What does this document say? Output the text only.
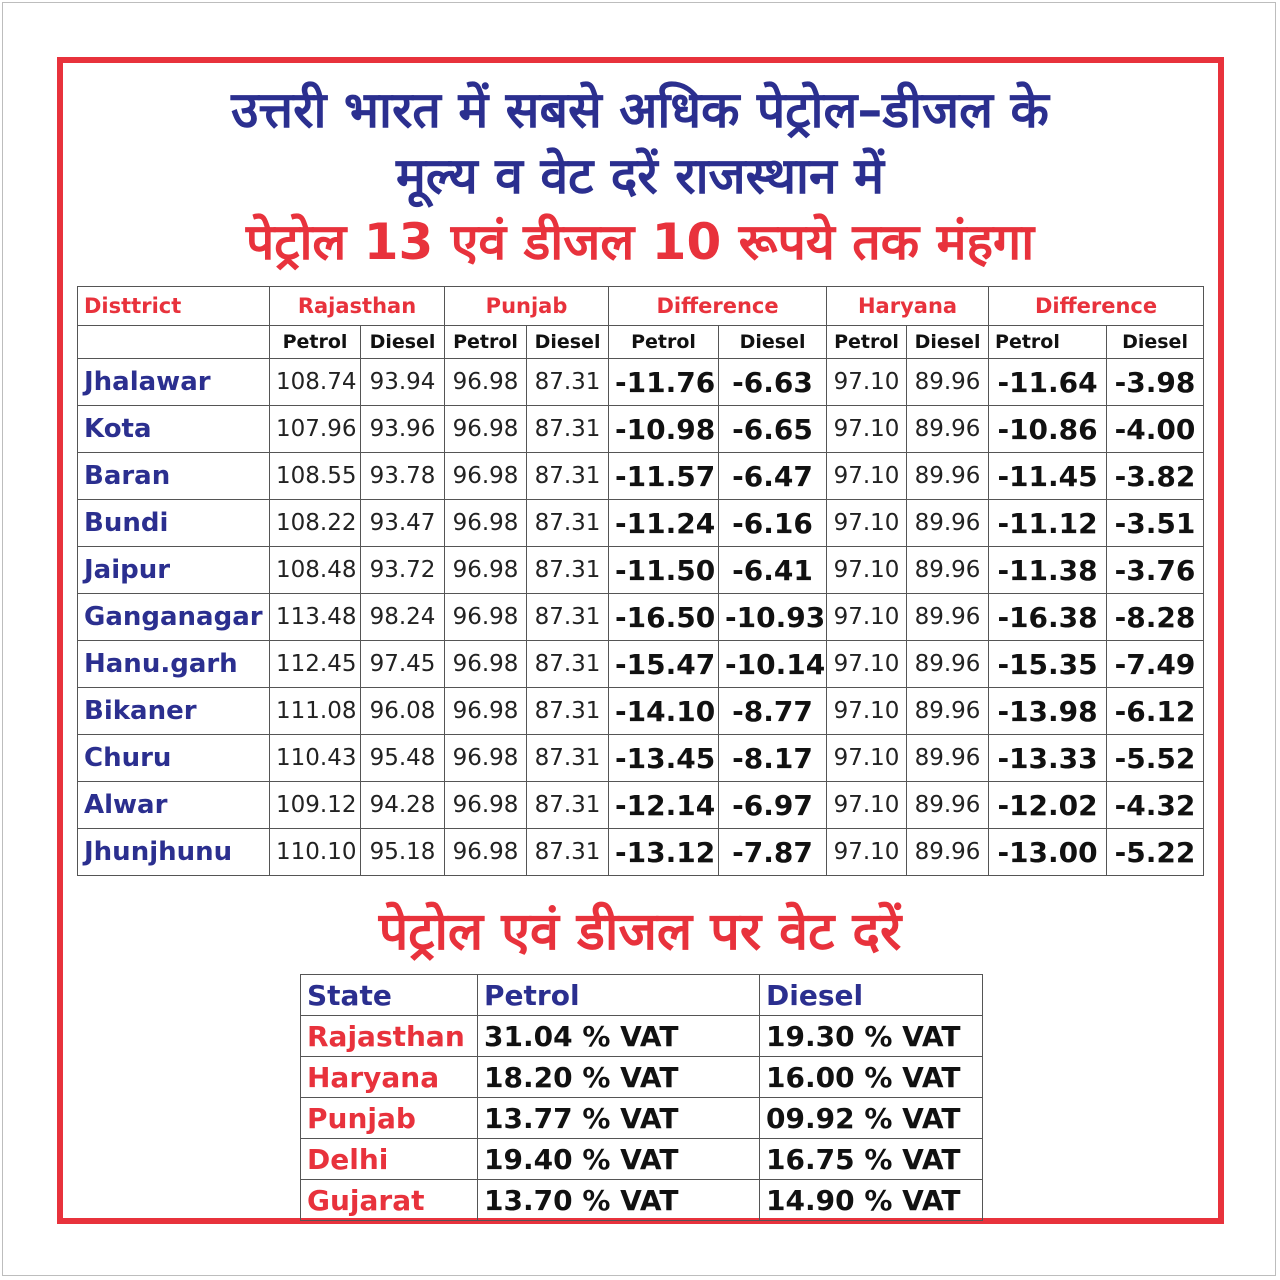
उत्तरी भारत में सबसे अधिक पेट्रोल–डीजल के
मूल्य व वेट दरें राजस्थान में
पेट्रोल 13 एवं डीजल 10 रूपये तक मंहगा
Disttrict	Rajasthan		Punjab		Difference		Haryana		Difference	
	Petrol	Diesel	Petrol	Diesel	Petrol	Diesel	Petrol	Diesel	Petrol	Diesel
Jhalawar	108.74	93.94	96.98	87.31	-11.76	-6.63	97.10	89.96	-11.64	-3.98
Kota	107.96	93.96	96.98	87.31	-10.98	-6.65	97.10	89.96	-10.86	-4.00
Baran	108.55	93.78	96.98	87.31	-11.57	-6.47	97.10	89.96	-11.45	-3.82
Bundi	108.22	93.47	96.98	87.31	-11.24	-6.16	97.10	89.96	-11.12	-3.51
Jaipur	108.48	93.72	96.98	87.31	-11.50	-6.41	97.10	89.96	-11.38	-3.76
Ganganagar	113.48	98.24	96.98	87.31	-16.50	-10.93	97.10	89.96	-16.38	-8.28
Hanu.garh	112.45	97.45	96.98	87.31	-15.47	-10.14	97.10	89.96	-15.35	-7.49
Bikaner	111.08	96.08	96.98	87.31	-14.10	-8.77	97.10	89.96	-13.98	-6.12
Churu	110.43	95.48	96.98	87.31	-13.45	-8.17	97.10	89.96	-13.33	-5.52
Alwar	109.12	94.28	96.98	87.31	-12.14	-6.97	97.10	89.96	-12.02	-4.32
Jhunjhunu	110.10	95.18	96.98	87.31	-13.12	-7.87	97.10	89.96	-13.00	-5.22
पेट्रोल एवं डीजल पर वेट दरें
State	Petrol	Diesel
Rajasthan	31.04 % VAT	19.30 % VAT
Haryana	18.20 % VAT	16.00 % VAT
Punjab	13.77 % VAT	09.92 % VAT
Delhi	19.40 % VAT	16.75 % VAT
Gujarat	13.70 % VAT	14.90 % VAT
